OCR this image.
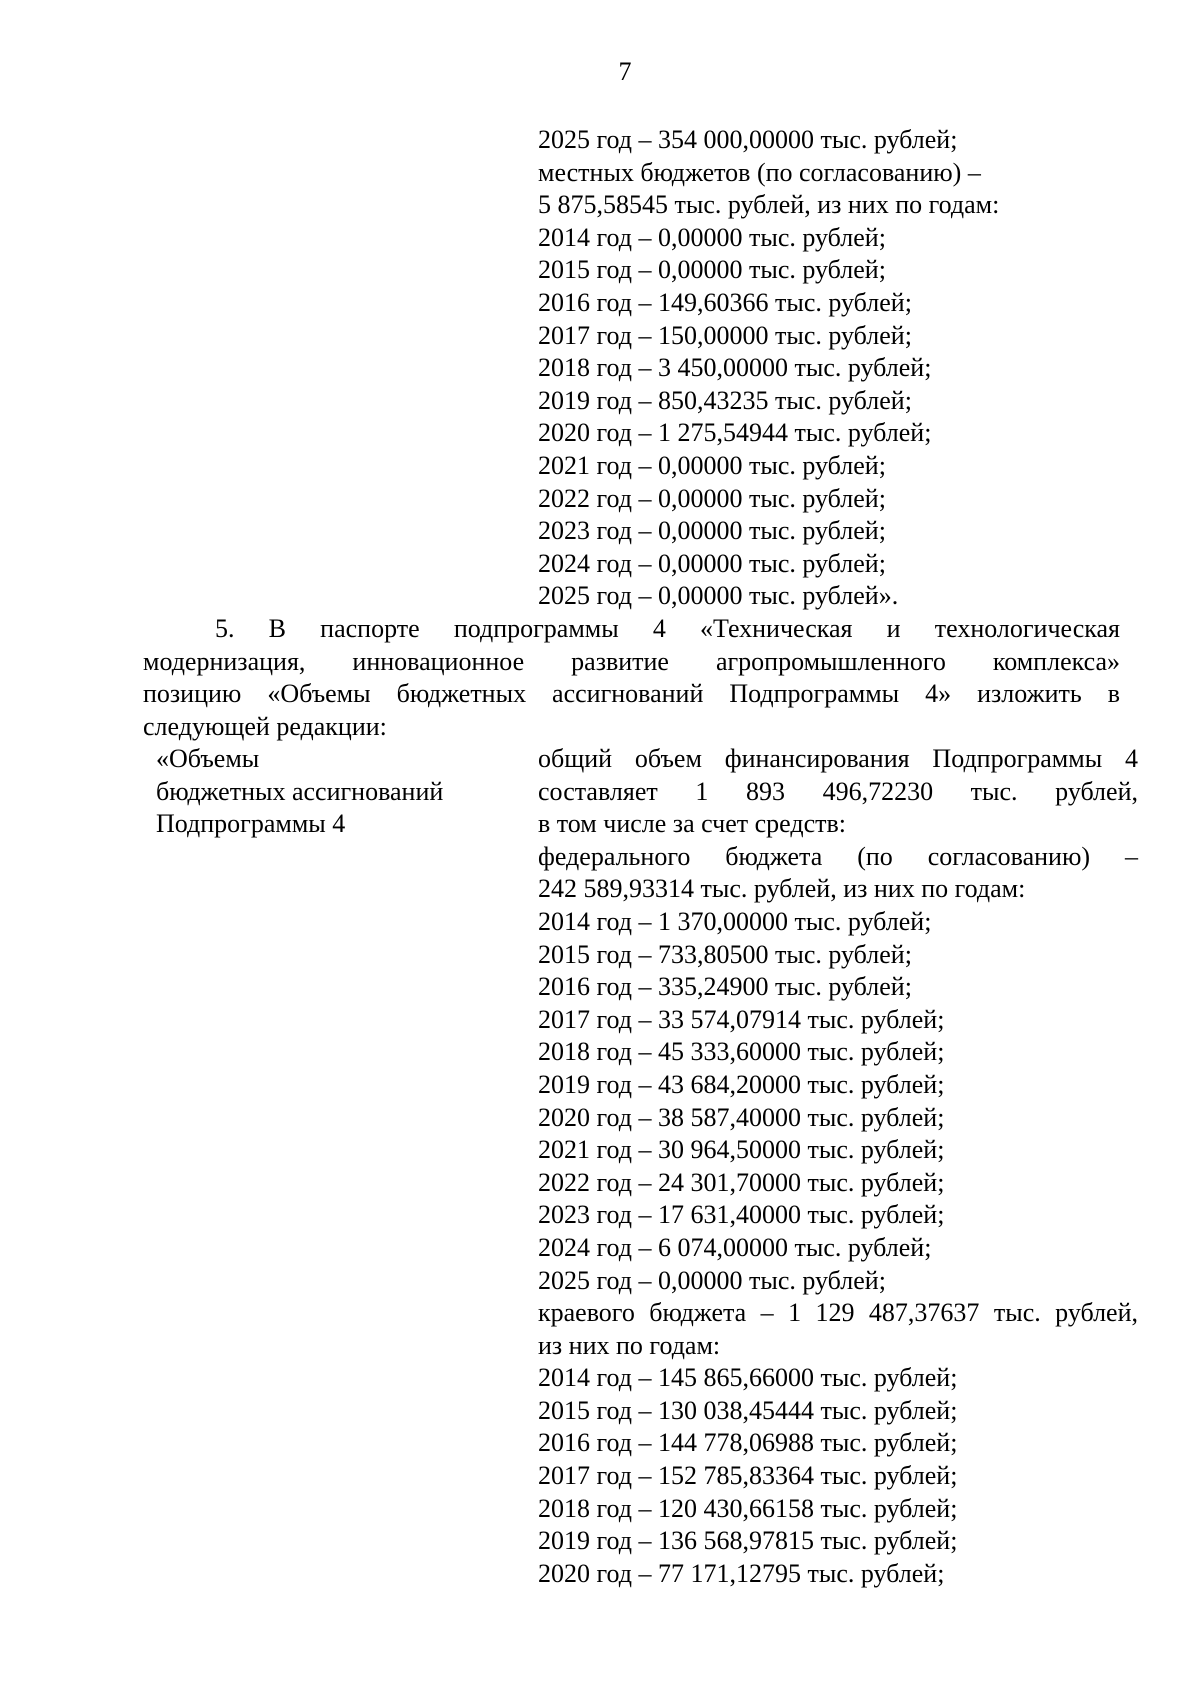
7
2025 год – 354 000,00000 тыс. рублей;
местных бюджетов (по согласованию) –
5 875,58545 тыс. рублей, из них по годам:
2014 год – 0,00000 тыс. рублей;
2015 год – 0,00000 тыс. рублей;
2016 год – 149,60366 тыс. рублей;
2017 год – 150,00000 тыс. рублей;
2018 год – 3 450,00000 тыс. рублей;
2019 год – 850,43235 тыс. рублей;
2020 год – 1 275,54944 тыс. рублей;
2021 год – 0,00000 тыс. рублей;
2022 год – 0,00000 тыс. рублей;
2023 год – 0,00000 тыс. рублей;
2024 год – 0,00000 тыс. рублей;
2025 год – 0,00000 тыс. рублей».
5. В паспорте подпрограммы 4 «Техническая и технологическая
модернизация, инновационное развитие агропромышленного комплекса»
позицию «Объемы бюджетных ассигнований Подпрограммы 4» изложить в
следующей редакции:
«Объемы
бюджетных ассигнований
Подпрограммы 4
общий объем финансирования Подпрограммы 4
составляет 1 893 496,72230 тыс. рублей,
в том числе за счет средств:
федерального бюджета (по согласованию) –
242 589,93314 тыс. рублей, из них по годам:
2014 год – 1 370,00000 тыс. рублей;
2015 год – 733,80500 тыс. рублей;
2016 год – 335,24900 тыс. рублей;
2017 год – 33 574,07914 тыс. рублей;
2018 год – 45 333,60000 тыс. рублей;
2019 год – 43 684,20000 тыс. рублей;
2020 год – 38 587,40000 тыс. рублей;
2021 год – 30 964,50000 тыс. рублей;
2022 год – 24 301,70000 тыс. рублей;
2023 год – 17 631,40000 тыс. рублей;
2024 год – 6 074,00000 тыс. рублей;
2025 год – 0,00000 тыс. рублей;
краевого бюджета – 1 129 487,37637 тыс. рублей,
из них по годам:
2014 год – 145 865,66000 тыс. рублей;
2015 год – 130 038,45444 тыс. рублей;
2016 год – 144 778,06988 тыс. рублей;
2017 год – 152 785,83364 тыс. рублей;
2018 год – 120 430,66158 тыс. рублей;
2019 год – 136 568,97815 тыс. рублей;
2020 год – 77 171,12795 тыс. рублей;
